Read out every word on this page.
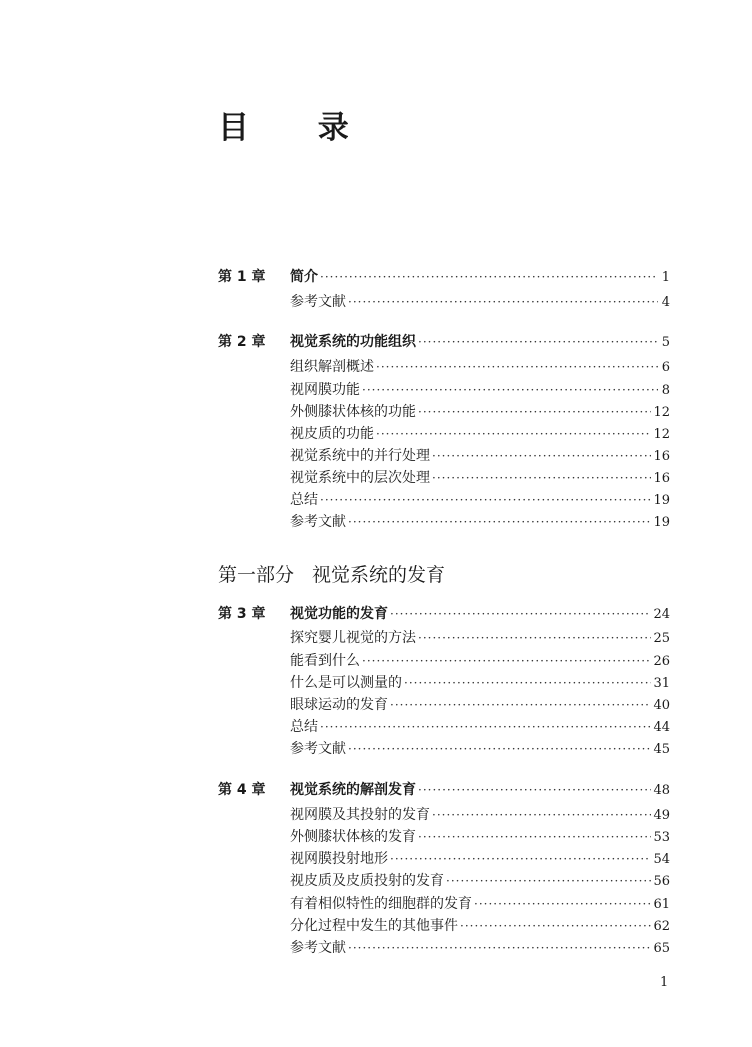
目 录
第 1 章	简介 ·····	1
参考文献 ·····	4
第 2 章	视觉系统的功能组织 ·····	5
组织解剖概述 ·····	6
视网膜功能 ·····	8
外侧膝状体核的功能 ·····	12
视皮质的功能 ·····	12
视觉系统中的并行处理 ·····	16
视觉系统中的层次处理 ·····	16
总结 ·····	19
参考文献 ·····	19
第一部分 视觉系统的发育
第 3 章	视觉功能的发育 ·····	24
探究婴儿视觉的方法 ·····	25
能看到什么 ·····	26
什么是可以测量的 ·····	31
眼球运动的发育 ·····	40
总结 ·····	44
参考文献 ·····	45
第 4 章	视觉系统的解剖发育 ·····	48
视网膜及其投射的发育 ·····	49
外侧膝状体核的发育 ·····	53
视网膜投射地形 ·····	54
视皮质及皮质投射的发育 ·····	56
有着相似特性的细胞群的发育 ·····	61
分化过程中发生的其他事件 ·····	62
参考文献 ·····	65
1
